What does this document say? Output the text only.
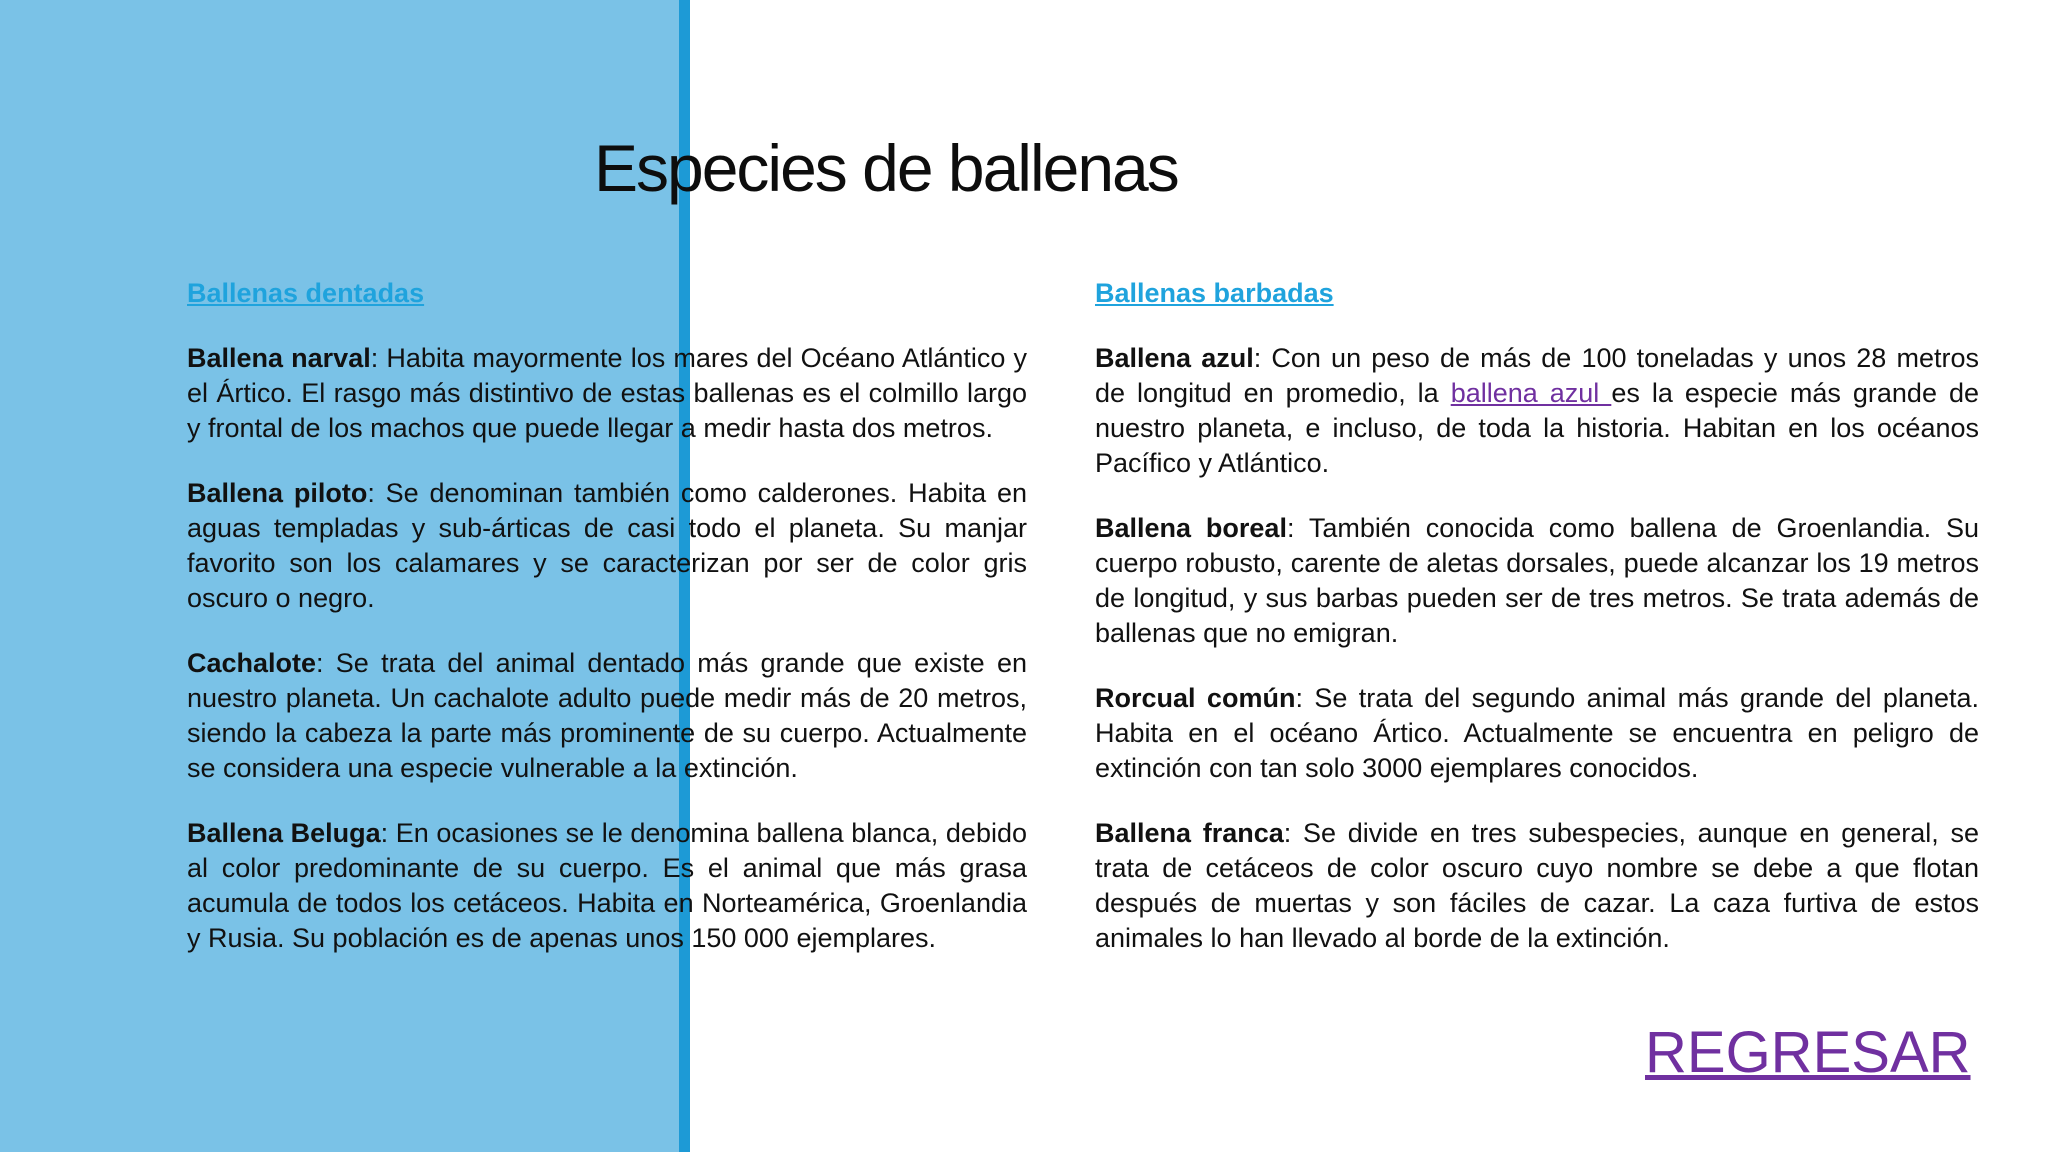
Especies de ballenas
Ballenas dentadas

Ballena narval: Habita mayormente los mares del Océano Atlántico y el Ártico. El rasgo más distintivo de estas ballenas es el colmillo largo y frontal de los machos que puede llegar a medir hasta dos metros.

Ballena piloto: Se denominan también como calderones. Habita en aguas templadas y sub-árticas de casi todo el planeta. Su manjar favorito son los calamares y se caracterizan por ser de color gris oscuro o negro.

Cachalote: Se trata del animal dentado más grande que existe en nuestro planeta. Un cachalote adulto puede medir más de 20 metros, siendo la cabeza la parte más prominente de su cuerpo. Actualmente se considera una especie vulnerable a la extinción.

Ballena Beluga: En ocasiones se le denomina ballena blanca, debido al color predominante de su cuerpo. Es el animal que más grasa acumula de todos los cetáceos. Habita en Norteamérica, Groenlandia y Rusia. Su población es de apenas unos 150 000 ejemplares.

Ballenas barbadas

Ballena azul: Con un peso de más de 100 toneladas y unos 28 metros de longitud en promedio, la ballena azul es la especie más grande de nuestro planeta, e incluso, de toda la historia. Habitan en los océanos Pacífico y Atlántico.

Ballena boreal: También conocida como ballena de Groenlandia. Su cuerpo robusto, carente de aletas dorsales, puede alcanzar los 19 metros de longitud, y sus barbas pueden ser de tres metros. Se trata además de ballenas que no emigran.

Rorcual común: Se trata del segundo animal más grande del planeta. Habita en el océano Ártico. Actualmente se encuentra en peligro de extinción con tan solo 3000 ejemplares conocidos.

Ballena franca: Se divide en tres subespecies, aunque en general, se trata de cetáceos de color oscuro cuyo nombre se debe a que flotan después de muertas y son fáciles de cazar. La caza furtiva de estos animales lo han llevado al borde de la extinción.

REGRESAR
